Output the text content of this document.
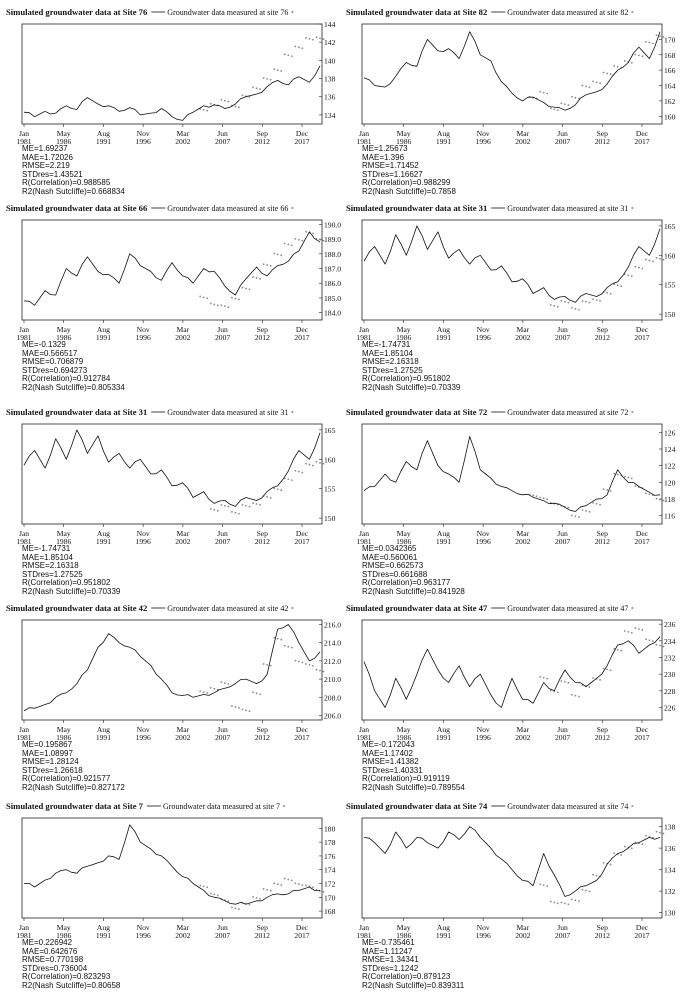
Simulated groundwater data at Site 76	Groundwater data measured at site 76
134
136
138
140
142
144
Jan
1981
May
1986
Aug
1991
Nov
1996
Mar
2002
Jun
2007
Sep
2012
Dec
2017
ME=1.69237
MAE=1.72026
RMSE=2.219
STDres=1.43521
R(Correlation)=0.988585
R2(Nash Sutcliffe)=0.668834
Simulated groundwater data at Site 82	Groundwater data measured at site 82
160
162
164
166
168
170
Jan
1981
May
1986
Aug
1991
Nov
1996
Mar
2002
Jun
2007
Sep
2012
Dec
2017
ME=1.25673
MAE=1.396
RMSE=1.71452
STDres=1.16627
R(Correlation)=0.988299
R2(Nash Sutcliffe)=0.7858
Simulated groundwater data at Site 66	Groundwater data measured at site 66
184.0
185.0
186.0
187.0
188.0
189.0
190.0
Jan
1981
May
1986
Aug
1991
Nov
1996
Mar
2002
Jun
2007
Sep
2012
Dec
2017
ME=-0.1329
MAE=0.566517
RMSE=0.706879
STDres=0.694273
R(Correlation)=0.912784
R2(Nash Sutcliffe)=0.805334
Simulated groundwater data at Site 31	Groundwater data measured at site 31
150
155
160
165
Jan
1981
May
1986
Aug
1991
Nov
1996
Mar
2002
Jun
2007
Sep
2012
Dec
2017
ME=-1.74731
MAE=1.85104
RMSE=2.16318
STDres=1.27525
R(Correlation)=0.951802
R2(Nash Sutcliffe)=0.70339
Simulated groundwater data at Site 31	Groundwater data measured at site 31
150
155
160
165
Jan
1981
May
1986
Aug
1991
Nov
1996
Mar
2002
Jun
2007
Sep
2012
Dec
2017
ME=-1.74731
MAE=1.85104
RMSE=2.16318
STDres=1.27525
R(Correlation)=0.951802
R2(Nash Sutcliffe)=0.70339
Simulated groundwater data at Site 72	Groundwater data measured at site 72
116
118
120
122
124
126
Jan
1981
May
1986
Aug
1991
Nov
1996
Mar
2002
Jun
2007
Sep
2012
Dec
2017
ME=0.0342365
MAE=0.560061
RMSE=0.662573
STDres=0.661688
R(Correlation)=0.963177
R2(Nash Sutcliffe)=0.841928
Simulated groundwater data at Site 42	Groundwater data measured at site 42
206.0
208.0
210.0
212.0
214.0
216.0
Jan
1981
May
1986
Aug
1991
Nov
1996
Mar
2002
Jun
2007
Sep
2012
Dec
2017
ME=0.195867
MAE=1.08997
RMSE=1.28124
STDres=1.26618
R(Correlation)=0.921577
R2(Nash Sutcliffe)=0.827172
Simulated groundwater data at Site 47	Groundwater data measured at site 47
226
228
230
232
234
236
Jan
1981
May
1986
Aug
1991
Nov
1996
Mar
2002
Jun
2007
Sep
2012
Dec
2017
ME=-0.172043
MAE=1.17402
RMSE=1.41382
STDres=1.40331
R(Correlation)=0.919119
R2(Nash Sutcliffe)=0.789554
Simulated groundwater data at Site 7	Groundwater data measured at site 7
168
170
172
174
176
178
180
Jan
1981
May
1986
Aug
1991
Nov
1996
Mar
2002
Jun
2007
Sep
2012
Dec
2017
ME=0.226942
MAE=0.642676
RMSE=0.770198
STDres=0.736004
R(Correlation)=0.823293
R2(Nash Sutcliffe)=0.80658
Simulated groundwater data at Site 74	Groundwater data measured at site 74
130
132
134
136
138
Jan
1981
May
1986
Aug
1991
Nov
1996
Mar
2002
Jun
2007
Sep
2012
Dec
2017
ME=-0.735461
MAE=1.11247
RMSE=1.34341
STDres=1.1242
R(Correlation)=0.879123
R2(Nash Sutcliffe)=0.839311
